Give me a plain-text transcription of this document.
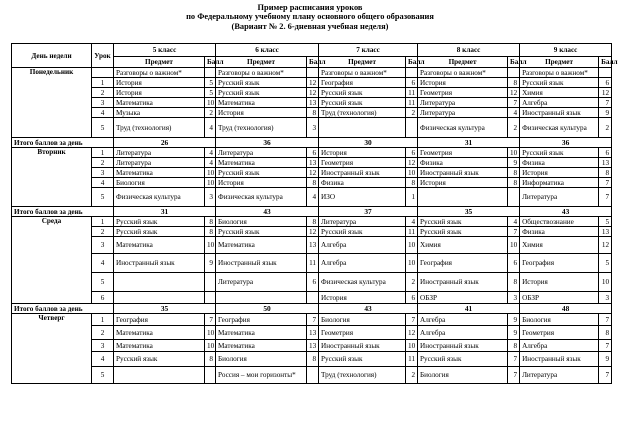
Пример расписания уроков
по Федеральному учебному плану основного общего образования
(Вариант № 2. 6-дневная учебная неделя)
День недели	Урок	5 класс		6 класс		7 класс		8 класс		9 класс	
		Предмет	Балл	Предмет	Балл	Предмет	Балл	Предмет	Балл	Предмет	Балл
Понедельник		Разговоры о важном*		Разговоры о важном*		Разговоры о важном*		Разговоры о важном*		Разговоры о важном*	
	1	История	5	Русский язык	12	География	6	История	8	Русский язык	6
	2	История	5	Русский язык	12	Русский язык	11	Геометрия	12	Химия	12
	3	Математика	10	Математика	13	Русский язык	11	Литература	7	Алгебра	7
	4	Музыка	2	История	8	Труд (технология)	2	Литература	4	Иностранный язык	9
	5	Труд (технология)	4	Труд (технология)	3			Физическая культура	2	Физическая культура	2
Итого баллов за день		26		36		30		31		36	
Вторник	1	Литература	4	Литература	6	История	6	Геометрия	10	Русский язык	6
	2	Литература	4	Математика	13	Геометрия	12	Физика	9	Физика	13
	3	Математика	10	Русский язык	12	Иностранный язык	10	Иностранный язык	8	История	8
	4	Биология	10	История	8	Физика	8	История	8	Информатика	7
	5	Физическая культура	3	Физическая культура	4	ИЗО	1			Литература	7
Итого баллов за день		31		43		37		35		43	
Среда	1	Русский язык	8	Биология	8	Литература	4	Русский язык	4	Обществознание	5
	2	Русский язык	8	Русский язык	12	Русский язык	11	Русский язык	7	Физика	13
	3	Математика	10	Математика	13	Алгебра	10	Химия	10	Химия	12
	4	Иностранный язык	9	Иностранный язык	11	Алгебра	10	География	6	География	5
	5			Литература	6	Физическая культура	2	Иностранный язык	8	История	10
	6					История	6	ОБЗР	3	ОБЗР	3
Итого баллов за день		35		50		43		41		48	
Четверг	1	География	7	География	7	Биология	7	Алгебра	9	Биология	7
	2	Математика	10	Математика	13	Геометрия	12	Алгебра	9	Геометрия	8
	3	Математика	10	Математика	13	Иностранный язык	10	Иностранный язык	8	Алгебра	7
	4	Русский язык	8	Биология	8	Русский язык	11	Русский язык	7	Иностранный язык	9
	5			Россия – мои горизонты*		Труд (технология)	2	Биология	7	Литература	7
